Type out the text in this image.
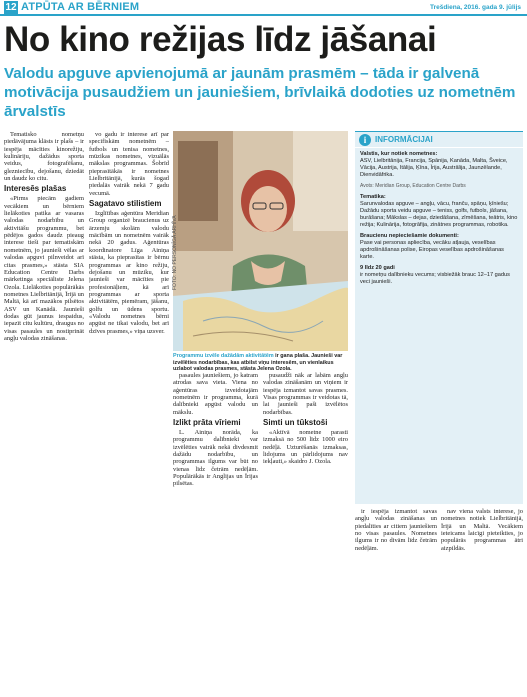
12 ATPŪTA AR BĒRNIEM	Trešdiena, 2016. gada 9. jūlijs
No kino režijas līdz jāšanai
Valodu apguve apvienojumā ar jaunām prasmēm – tāda ir galvenā motivācija pusaudžiem un jauniešiem, brīvlaikā dodoties uz nometnēm ārvalstīs

Tematisko nometņu piedāvājuma klāsts ir plašs – ir iespēja mācīties kinorežiju, kulināriju, dažādus sporta veidus, fotografēšanu, glezniecību, dejošanu, dziedāt un daudz ko citu.

Interesēs plašas

«Pirms piecām gadiem vecākiem un bērniem lielākoties patika ar vasaras valodas nodarbību un aktivitāšu programmu, bet pēdējos gados daudz pieaug interese tieši par tematiskām nometnēm, jo jaunieši vēlas ar valodas apguvi pilnveidot arī citas prasmes,» stāsta SIA Education Centre Darbs mārketinga speciāliste Jelena Ozola. Lielākoties populārākās nometnes Lielbritānijā, Īrijā un Maltā, kā arī mazākos pilsētos ASV un Kanādā. Jaunieši dodas gūt jaunus iespaidus, iepazīt citu kultūru, draugus no visas pasaules un nostiprināt angļu valodas zināšanas.

vo gadu ir interese arī par specifiskām nometnēm – futbols un tenisa nometnes, mūzikas nometnes, vizuālās mākslas programmas. Šobrīd pieprasītākās ir nometnes Lielbritānijā, kurās šogad piedalās vairāk nekā 7 gadu vecumā.

Sagatavo stilistiem

Izglītības aģentūra Meridian Group organizē braucienus uz ārzemju skolām valodu mācībām un nometnēm vairāk nekā 20 gadus. Aģentūras koordinatore Līga Ainiņa stāsta, ka pieprasītas ir bērnu programmas ar kino režiju, dejošanu un mūziku, kur jaunieši var mācīties pie profesionāļiem, kā arī programmas ar sporta aktivitātēm, piemēram, jāšanu, golfu un ūdens sportu. «Valodu nometnes bērni apgūst ne tikai valodu, bet arī dzīves prasmes,» viņa uzsver.

FOTO: NO PERSONĪGĀ ARHĪVA
Programmu izvēle dažādām aktivitātēm ir gana plaša. Jaunieši var izvēlēties nodarbības, kas atbilst viņu interesēm, un vienlaikus uzlabot valodas prasmes, stāsta Jelena Ozola.

pasaules jauniešiem, jo katram atrodas sava vieta. Viena no aģentūras izveidotajām nometnēm ir programma, kurā dalībnieki apgūst valodu un mākslu.

Izlikt prāta vīriemi

L. Ainiņa norāda, ka programmu dalībnieki var izvēlēties vairāk nekā divdesmit dažādu nodarbību, un programmas ilgums var būt no vienas līdz četrām nedēļām. Populārākās ir Anglijas un Īrijas pilsētas.

pusaudži nāk ar labām angļu valodas zināšanām un viņiem ir iespēja izmantot savas prasmes. Visas programmas ir veidotas tā, lai jaunieši paši izvēlētos nodarbības.

Simti un tūkstoši

«Aktīvā nometne parasti izmaksā no 500 līdz 1000 eiro nedēļā. Uzturēšanās izmaksas, lidojums un pārlidojums nav iekļauti,» skaidro J. Ozola.

i	INFORMĀCIJAI
Valstis, kur notiek nometnes:
ASV, Lielbritānija, Francija, Spānija, Kanāda, Malta, Šveice, Vācija, Austrija, Itālija, Ķīna, Īrija, Austrālija, Jaunzēlande, Dienvidāfrika.
Avots: Meridian Group, Education Centre Darbs
Tematika:
Sarunvalodas apguve – angļu, vācu, franču, spāņu, ķīniešu; Dažādu sporta veidu apguve – teniss, golfs, futbols, jāšana, burāšana; Mākslas – dejas, dziedāšana, zīmēšana, teātris, kino režija; Kulinārija, fotogrāfija, zinātnes programmas, robotika.
Braucienu nepieciešamie dokumenti:
Pase vai personas apliecība, vecāku atļauja, veselības apdrošināšanas polise, Eiropas veselības apdrošināšanas karte.
9 līdz 20 gadi
ir nometņu dalībnieku vecums; visbiežāk brauc 12–17 gadus veci jaunieši.

ir iespēja izmantot savas angļu valodas zināšanas un piedalīties ar citiem jauniešiem no visas pasaules. Nometnes ilgums ir no divām līdz četrām nedēļām.

nav viena valsts interese, jo nometnes notiek Lielbritānijā, Īrijā un Maltā. Vecākiem ieteicams laicīgi pieteikties, jo populārās programmas ātri aizpildās.
